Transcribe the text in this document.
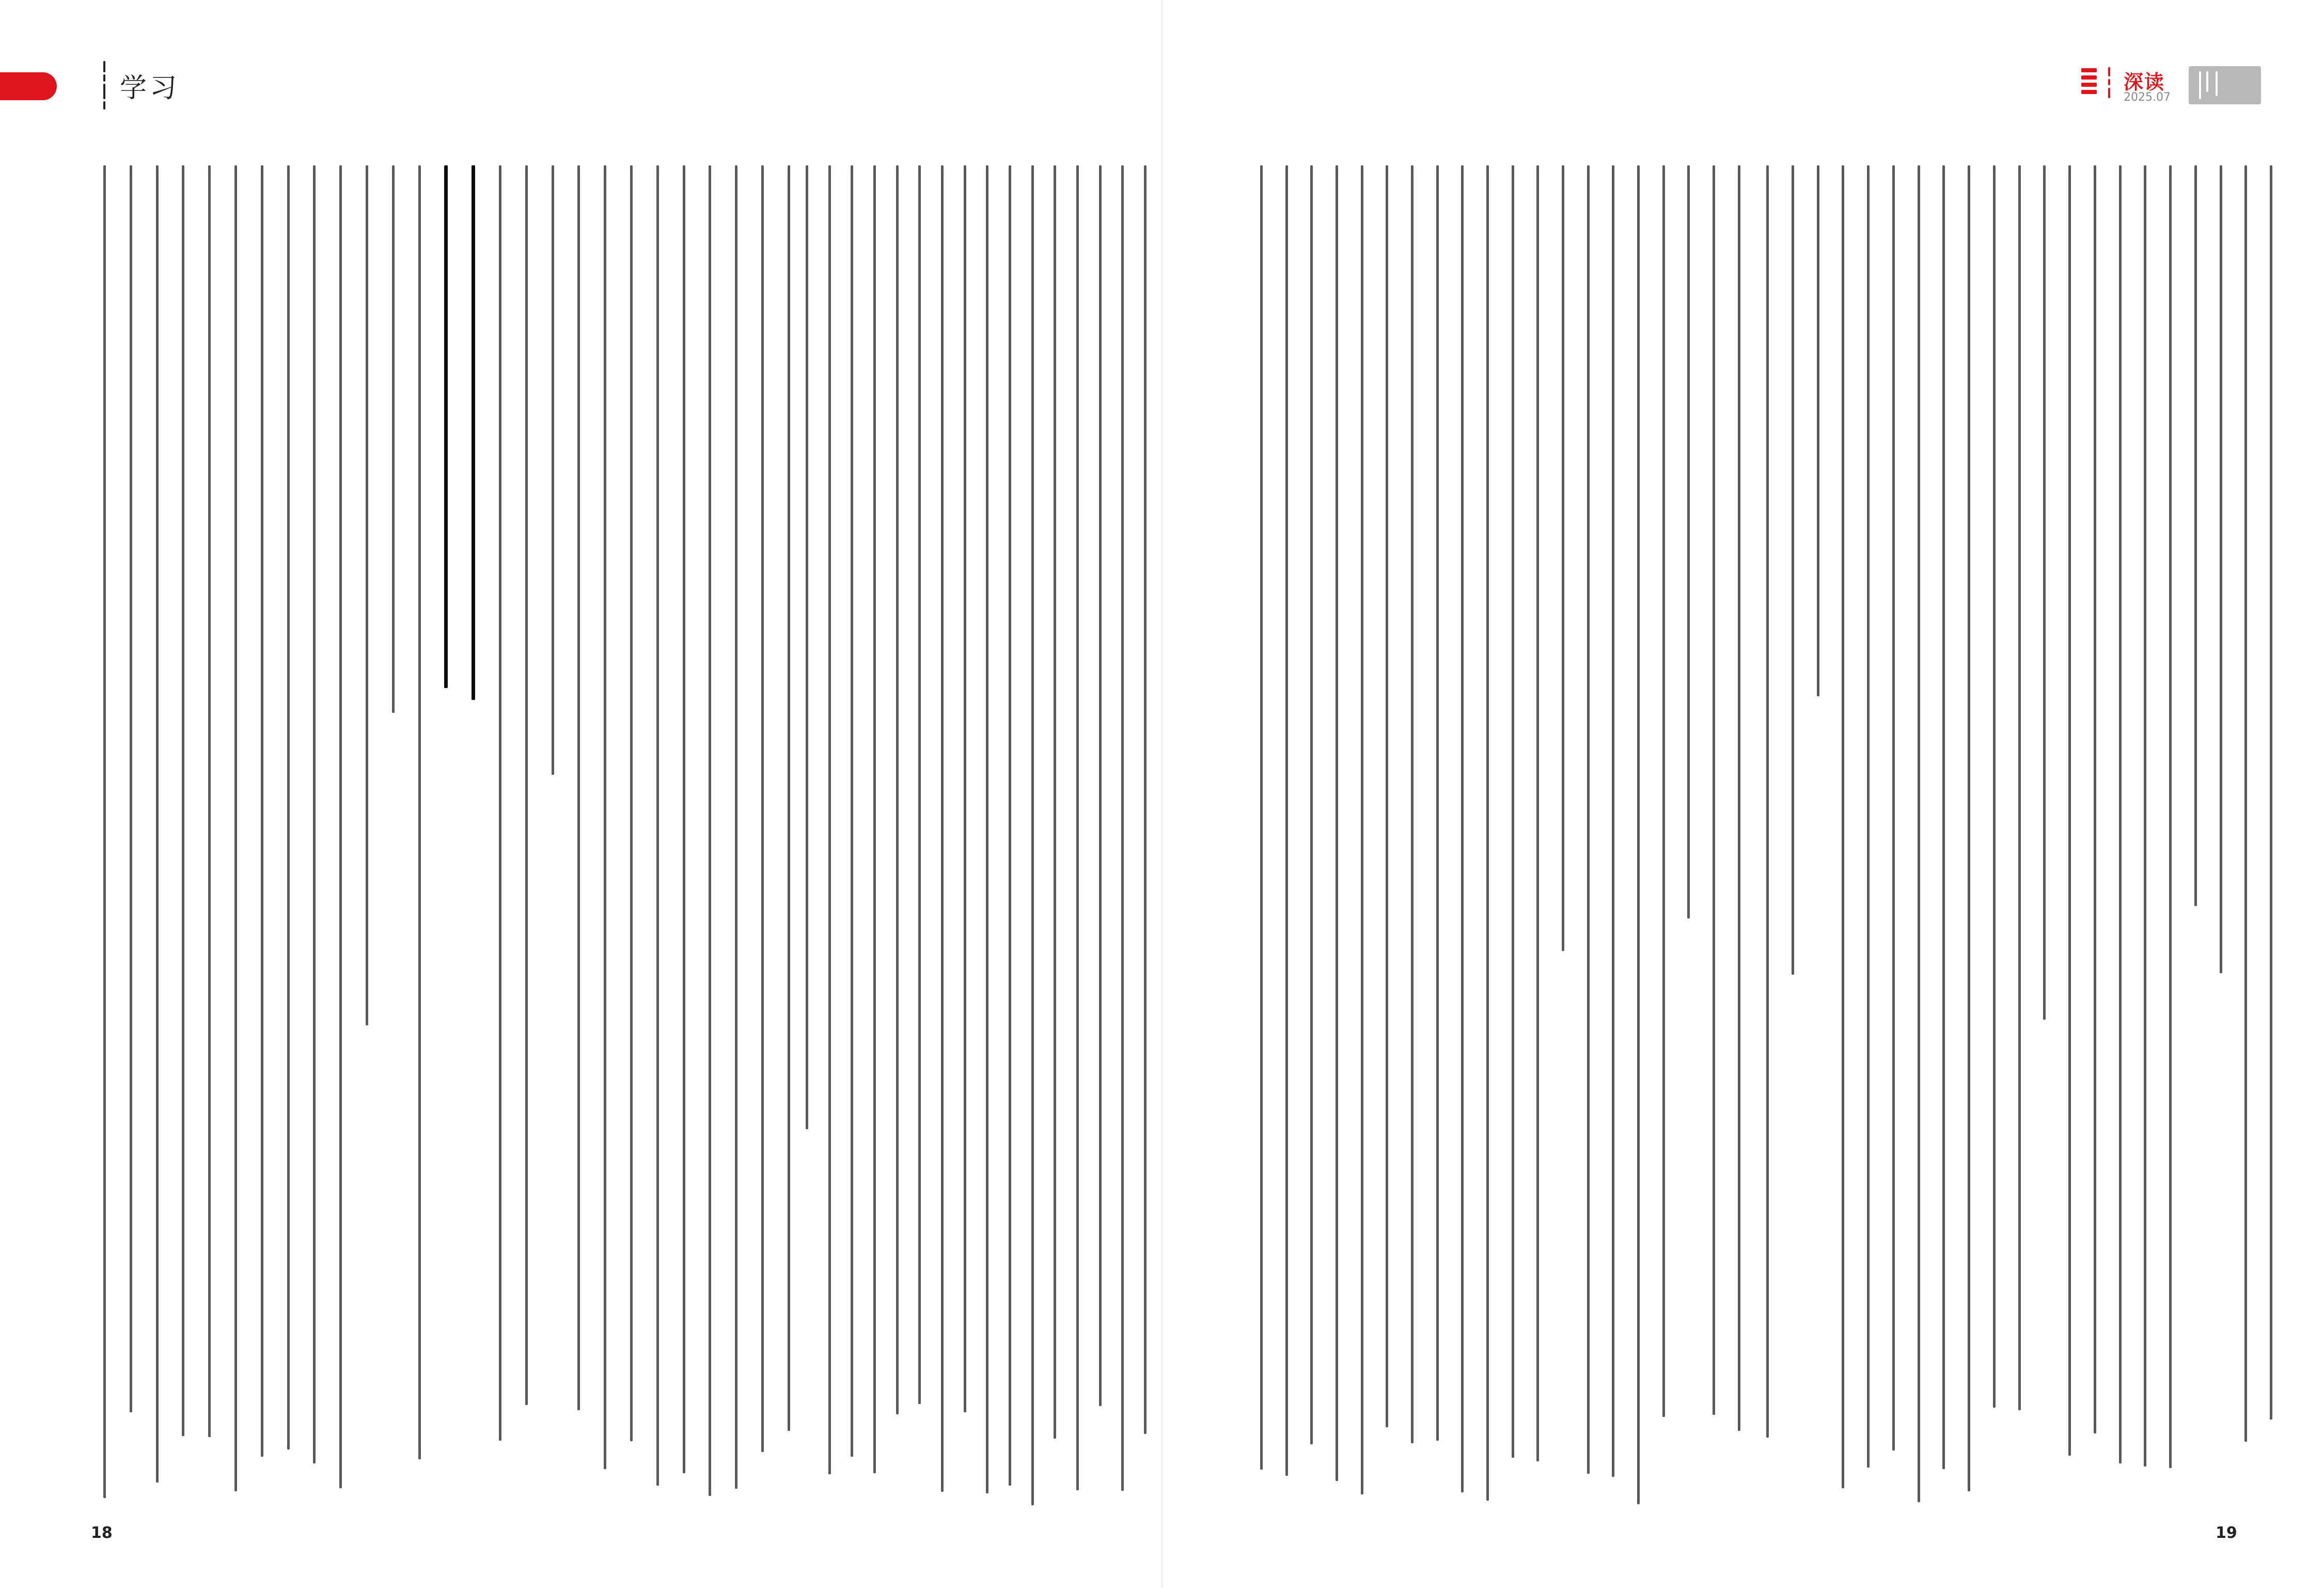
学习
18
深读
2025.07
19
